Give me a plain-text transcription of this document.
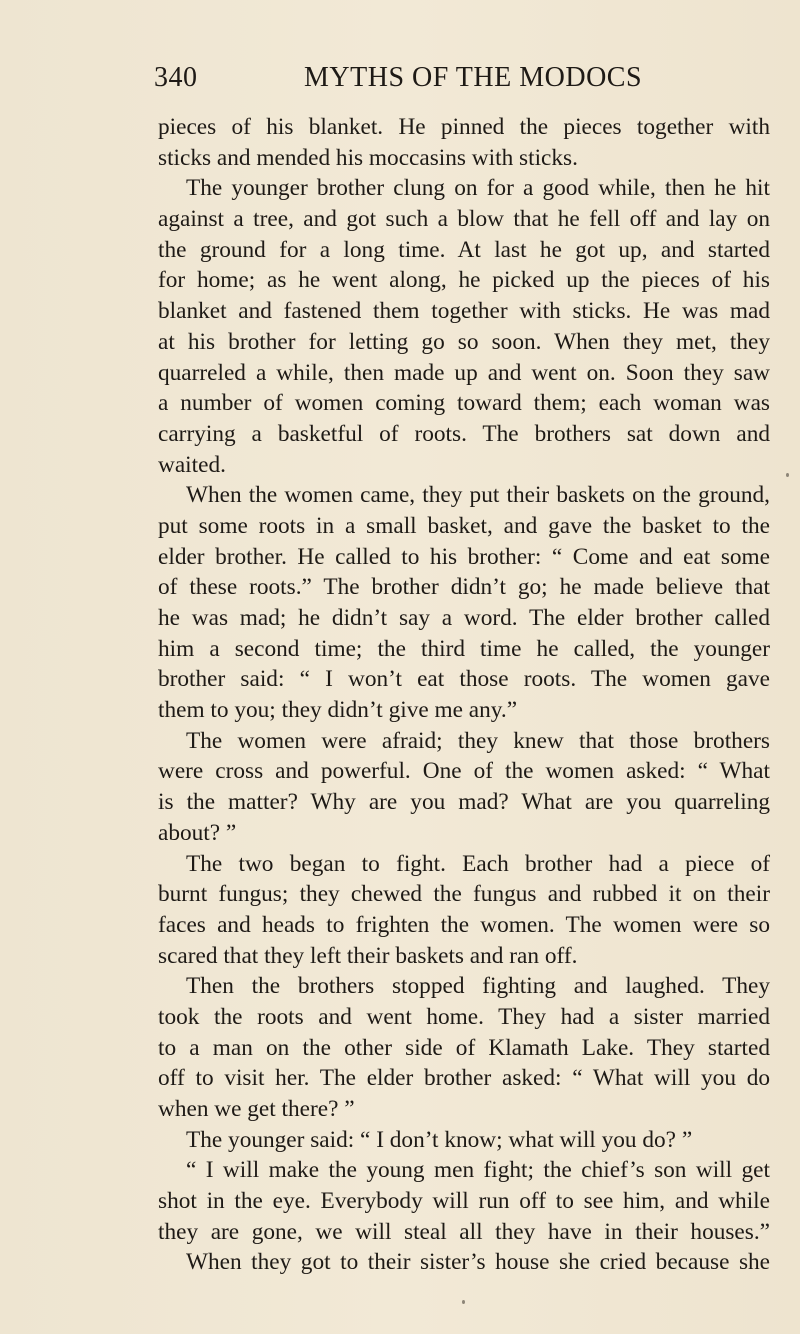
340	MYTHS OF THE MODOCS
pieces of his blanket. He pinned the pieces together with
sticks and mended his moccasins with sticks.
The younger brother clung on for a good while, then he hit
against a tree, and got such a blow that he fell off and lay on
the ground for a long time. At last he got up, and started
for home; as he went along, he picked up the pieces of his
blanket and fastened them together with sticks. He was mad
at his brother for letting go so soon. When they met, they
quarreled a while, then made up and went on. Soon they saw
a number of women coming toward them; each woman was
carrying a basketful of roots. The brothers sat down and
waited.
When the women came, they put their baskets on the ground,
put some roots in a small basket, and gave the basket to the
elder brother. He called to his brother: “ Come and eat some
of these roots.” The brother didn’t go; he made believe that
he was mad; he didn’t say a word. The elder brother called
him a second time; the third time he called, the younger
brother said: “ I won’t eat those roots. The women gave
them to you; they didn’t give me any.”
The women were afraid; they knew that those brothers
were cross and powerful. One of the women asked: “ What
is the matter? Why are you mad? What are you quarreling
about? ”
The two began to fight. Each brother had a piece of
burnt fungus; they chewed the fungus and rubbed it on their
faces and heads to frighten the women. The women were so
scared that they left their baskets and ran off.
Then the brothers stopped fighting and laughed. They
took the roots and went home. They had a sister married
to a man on the other side of Klamath Lake. They started
off to visit her. The elder brother asked: “ What will you do
when we get there? ”
The younger said: “ I don’t know; what will you do? ”
“ I will make the young men fight; the chief’s son will get
shot in the eye. Everybody will run off to see him, and while
they are gone, we will steal all they have in their houses.”
When they got to their sister’s house she cried because she
